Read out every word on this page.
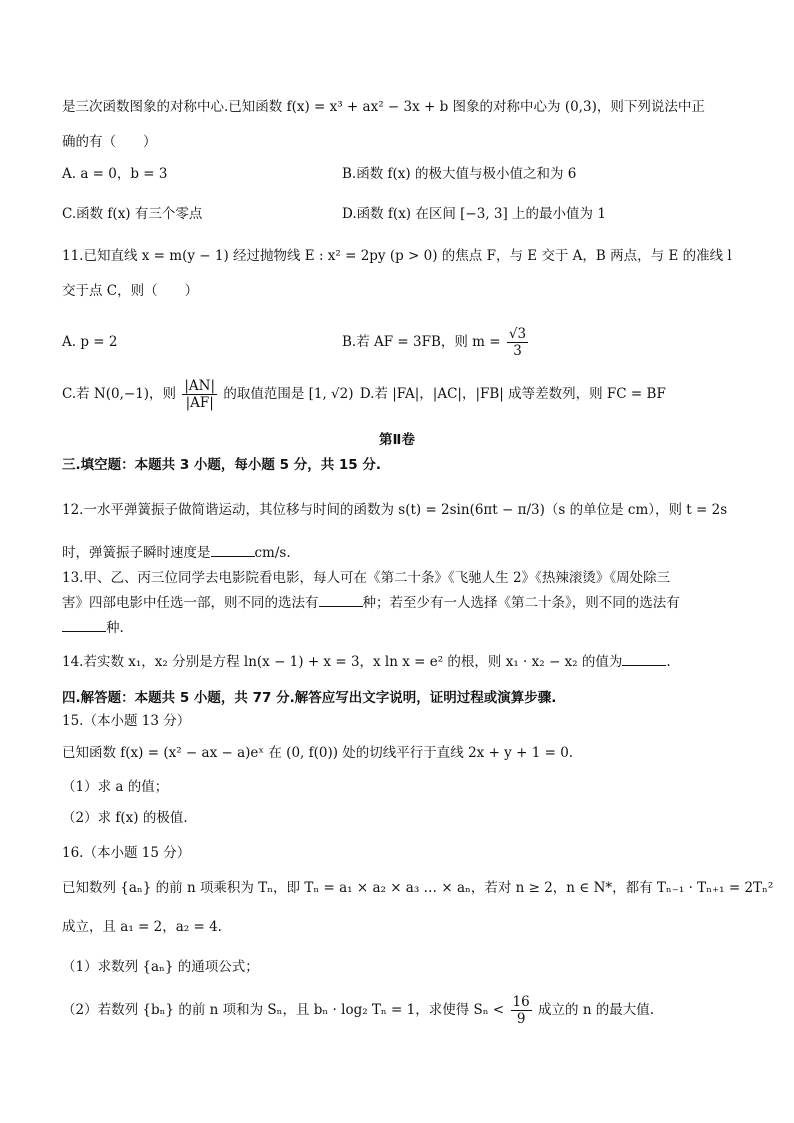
是三次函数图象的对称中心.已知函数 f(x) = x³ + ax² − 3x + b 图象的对称中心为 (0,3)，则下列说法中正
确的有（　　）
A. a = 0，b = 3	B.函数 f(x) 的极大值与极小值之和为 6
C.函数 f(x) 有三个零点	D.函数 f(x) 在区间 [−3, 3] 上的最小值为 1
11.已知直线 x = m(y − 1) 经过抛物线 E : x² = 2py (p > 0) 的焦点 F，与 E 交于 A，B 两点，与 E 的准线 l
交于点 C，则（　　）
A. p = 2	B.若 AF = 3FB，则 $m = \frac{√3}{3}$
C.若 N(0,−1)，则 $\frac{|AN|}{|AF|}$ 的取值范围是 [1, √2) D.若 |FA|，|AC|，|FB| 成等差数列，则 FC = BF
第Ⅱ卷
三.填空题：本题共 3 小题，每小题 5 分，共 15 分.
12.一水平弹簧振子做简谐运动，其位移与时间的函数为 s(t) = 2sin(6πt − π/3)（s 的单位是 cm），则 t = 2s
时，弹簧振子瞬时速度是	cm/s.
13.甲、乙、丙三位同学去电影院看电影，每人可在《第二十条》《飞驰人生 2》《热辣滚烫》《周处除三
害》四部电影中任选一部，则不同的选法有	种；若至少有一人选择《第二十条》，则不同的选法有
种.
14.若实数 x₁，x₂ 分别是方程 ln(x − 1) + x = 3，x ln x = e² 的根，则 x₁ · x₂ − x₂ 的值为	.
四.解答题：本题共 5 小题，共 77 分.解答应写出文字说明，证明过程或演算步骤.
15.（本小题 13 分）
已知函数 f(x) = (x² − ax − a)eˣ 在 (0, f(0)) 处的切线平行于直线 2x + y + 1 = 0.
（1）求 a 的值；
（2）求 f(x) 的极值.
16.（本小题 15 分）
已知数列 {aₙ} 的前 n 项乘积为 Tₙ，即 Tₙ = a₁ × a₂ × a₃ … × aₙ，若对 n ≥ 2，n ∈ N*，都有 Tₙ₋₁ · Tₙ₊₁ = 2Tₙ²
成立，且 a₁ = 2，a₂ = 4.
（1）求数列 {aₙ} 的通项公式；
（2）若数列 {bₙ} 的前 n 项和为 Sₙ，且 bₙ · log₂ Tₙ = 1，求使得 $S_n < \frac{16}{9}$ 成立的 n 的最大值.
